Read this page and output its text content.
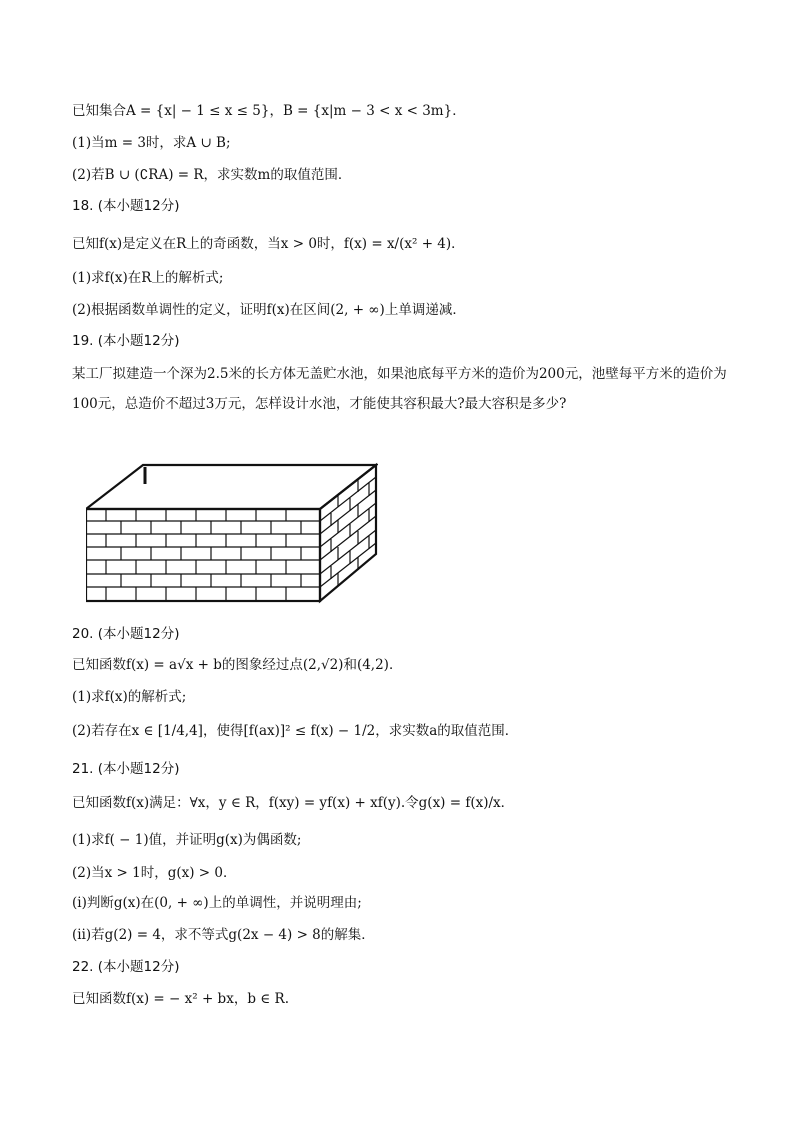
已知集合A = {x| − 1 ≤ x ≤ 5}，B = {x|m − 3 < x < 3m}．
(1)当m = 3时，求A ∪ B;
(2)若B ∪ (∁RA) = R，求实数m的取值范围．
18. (本小题12分)
已知f(x)是定义在R上的奇函数，当x > 0时，f(x) = x/(x² + 4)．
(1)求f(x)在R上的解析式;
(2)根据函数单调性的定义，证明f(x)在区间(2, + ∞)上单调递减．
19. (本小题12分)
某工厂拟建造一个深为2.5米的长方体无盖贮水池，如果池底每平方米的造价为200元，池壁每平方米的造价为100元，总造价不超过3万元，怎样设计水池，才能使其容积最大?最大容积是多少?
20. (本小题12分)
已知函数f(x) = a√x + b的图象经过点(2,√2)和(4,2)．
(1)求f(x)的解析式;
(2)若存在x ∈ [1/4,4]，使得[f(ax)]² ≤ f(x) − 1/2，求实数a的取值范围．
21. (本小题12分)
已知函数f(x)满足：∀x，y ∈ R，f(xy) = yf(x) + xf(y).令g(x) = f(x)/x．
(1)求f( − 1)值，并证明g(x)为偶函数;
(2)当x > 1时，g(x) > 0．
(ⅰ)判断g(x)在(0, + ∞)上的单调性，并说明理由;
(ⅱ)若g(2) = 4，求不等式g(2x − 4) > 8的解集．
22. (本小题12分)
已知函数f(x) = − x² + bx，b ∈ R.
